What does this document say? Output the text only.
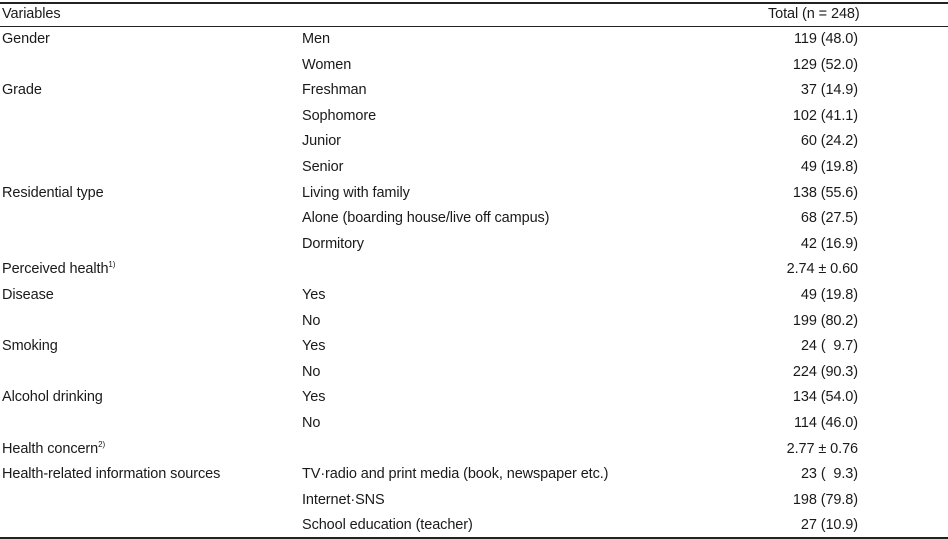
Variables	Total (n = 248)
Gender	Men	119 (48.0)
Women	129 (52.0)
Grade	Freshman	37 (14.9)
Sophomore	102 (41.1)
Junior	60 (24.2)
Senior	49 (19.8)
Residential type	Living with family	138 (55.6)
Alone (boarding house/live off campus)	68 (27.5)
Dormitory	42 (16.9)
Perceived health$^{1)}$	2.74 ± 0.60
Disease	Yes	49 (19.8)
No	199 (80.2)
Smoking	Yes	24 (  9.7)
No	224 (90.3)
Alcohol drinking	Yes	134 (54.0)
No	114 (46.0)
Health concern$^{2)}$	2.77 ± 0.76
Health-related information sources	TV·radio and print media (book, newspaper etc.)	23 (  9.3)
Internet·SNS	198 (79.8)
School education (teacher)	27 (10.9)
